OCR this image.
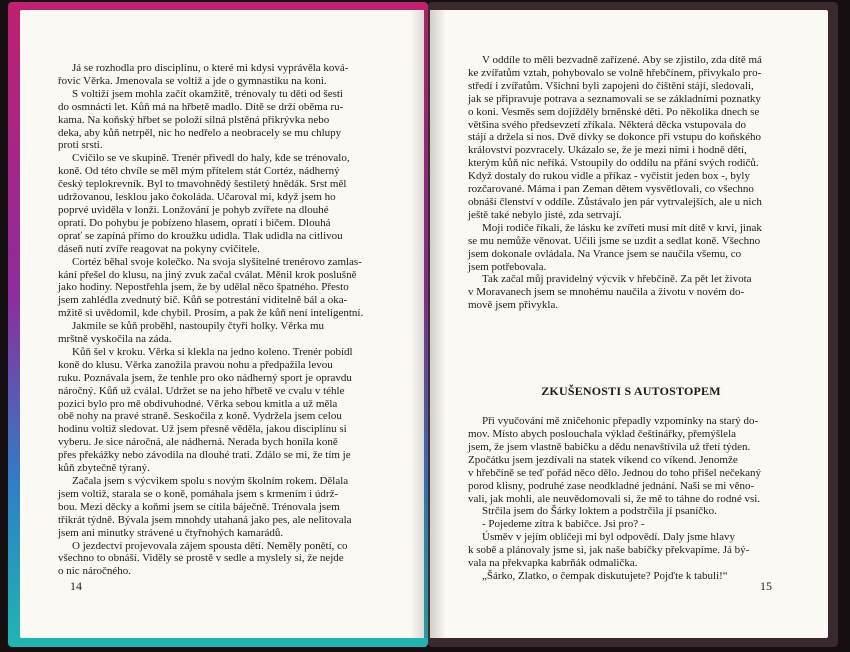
Já se rozhodla pro disciplínu, o které mi kdysi vyprávěla ková-
řovic Věrka. Jmenovala se voltiž a jde o gymnastiku na koni.

S voltiží jsem mohla začít okamžitě, trénovaly tu děti od šesti
do osmnácti let. Kůň má na hřbetě madlo. Dítě se drží oběma ru-
kama. Na koňský hřbet se položí silná plstěná přikrývka nebo
deka, aby kůň netrpěl, nic ho nedřelo a neobracely se mu chlupy
proti srsti.

Cvičilo se ve skupině. Trenér přivedl do haly, kde se trénovalo,
koně. Od této chvíle se měl mým přítelem stát Cortéz, nádherný
český teplokrevník. Byl to tmavohnědý šestiletý hnědák. Srst měl
udržovanou, lesklou jako čokoláda. Učaroval mi, když jsem ho
poprvé uviděla v lonži. Lonžování je pohyb zvířete na dlouhé
opratí. Do pohybu je pobízeno hlasem, opratí i bičem. Dlouhá
oprať se zapíná přímo do kroužku udidla. Tlak udidla na citlivou
dáseň nutí zvíře reagovat na pokyny cvičitele.

Cortéz běhal svoje kolečko. Na svoja slyšitelné trenérovo zamlas-
kání přešel do klusu, na jiný zvuk začal cválat. Měnil krok poslušně
jako hodiny. Nepostřehla jsem, že by udělal něco špatného. Přesto
jsem zahlédla zvednutý bič. Kůň se potrestání viditelně bál a oka-
mžitě si uvědomil, kde chybil. Prosím, a pak že kůň není inteligentní.

Jakmile se kůň proběhl, nastoupily čtyři holky. Věrka mu
mrštně vyskočila na záda.

Kůň šel v kroku. Věrka si klekla na jedno koleno. Trenér pobídl
koně do klusu. Věrka zanožila pravou nohu a předpažila levou
ruku. Poznávala jsem, že tenhle pro oko nádherný sport je opravdu
náročný. Kůň už cválal. Udržet se na jeho hřbetě ve cvalu v téhle
pozici bylo pro mě obdivuhodné. Věrka sebou kmitla a už měla
obě nohy na pravé straně. Seskočila z koně. Vydržela jsem celou
hodinu voltiž sledovat. Už jsem přesně věděla, jakou disciplínu si
vyberu. Je sice náročná, ale nádherná. Nerada bych honila koně
přes překážky nebo závodila na dlouhé trati. Zdálo se mi, že tím je
kůň zbytečně týraný.

Začala jsem s výcvikem spolu s novým školním rokem. Dělala
jsem voltiž, starala se o koně, pomáhala jsem s krmením i údrž-
bou. Mezi děcky a koňmi jsem se cítila báječně. Trénovala jsem
třikrát týdně. Bývala jsem mnohdy utahaná jako pes, ale nelitovala
jsem ani minutky strávené u čtyřnohých kamarádů.

O jezdectví projevovala zájem spousta dětí. Neměly ponětí, co
všechno to obnáší. Viděly se prostě v sedle a myslely si, že nejde
o nic náročného.

14

V oddíle to měli bezvadně zařízené. Aby se zjistilo, zda dítě má
ke zvířatům vztah, pohybovalo se volně hřebčínem, přivykalo pro-
středí i zvířatům. Všichni byli zapojeni do čištění stájí, sledovali,
jak se připravuje potrava a seznamovali se se základními poznatky
o koni. Vesměs sem dojížděly brněnské děti. Po několika dnech se
většina svého předsevzetí zříkala. Některá děcka vstupovala do
stájí a držela si nos. Dvě dívky se dokonce při vstupu do koňského
království pozvracely. Ukázalo se, že je mezi nimi i hodně dětí,
kterým kůň nic neříká. Vstoupily do oddílu na přání svých rodičů.
Když dostaly do rukou vidle a příkaz - vyčistit jeden box -, byly
rozčarované. Máma i pan Zeman dětem vysvětlovali, co všechno
obnáší členství v oddíle. Zůstávalo jen pár vytrvalejších, ale u nich
ještě také nebylo jisté, zda setrvají.

Moji rodiče říkali, že lásku ke zvířeti musí mít dítě v krvi, jinak
se mu nemůže věnovat. Učili jsme se uzdit a sedlat koně. Všechno
jsem dokonale ovládala. Na Vrance jsem se naučila všemu, co
jsem potřebovala.

Tak začal můj pravidelný výcvik v hřebčíně. Za pět let života
v Moravanech jsem se mnohému naučila a životu v novém do-
mově jsem přivykla.

ZKUŠENOSTI S AUTOSTOPEM

Při vyučování mě zničehonic přepadly vzpomínky na starý do-
mov. Místo abych poslouchala výklad češtinářky, přemýšlela
jsem, že jsem vlastně babičku a dědu nenavštívila už třetí týden.
Zpočátku jsem jezdívali na statek víkend co víkend. Jenomže
v hřebčíně se teď pořád něco dělo. Jednou do toho přišel nečekaný
porod klisny, podruhé zase neodkladné jednání. Naši se mi věno-
vali, jak mohli, ale neuvědomovali si, že mě to táhne do rodné vsi.

Strčila jsem do Šárky loktem a podstrčila jí psaníčko.

- Pojedeme zítra k babičce. Jsi pro? -

Úsměv v jejím obličeji mi byl odpovědí. Daly jsme hlavy
k sobě a plánovaly jsme si, jak naše babičky překvapíme. Já bý-
vala na překvapka kabrňák odmalička.

„Šárko, Zlatko, o čempak diskutujete? Pojďte k tabuli!“

15
